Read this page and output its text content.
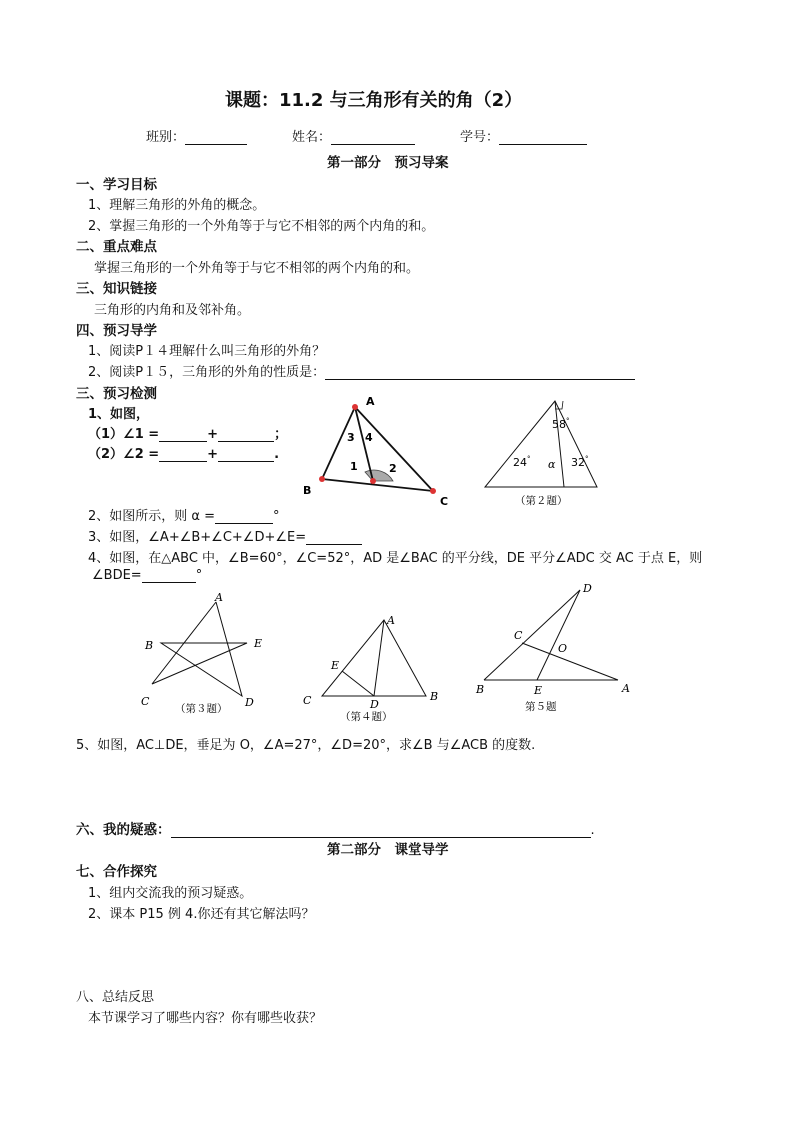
课题：11.2 与三角形有关的角（2）
班别：	姓名：	学号：
第一部分　预习导案
一、学习目标
1、理解三角形的外角的概念。
2、掌握三角形的一个外角等于与它不相邻的两个内角的和。
二、重点难点
掌握三角形的一个外角等于与它不相邻的两个内角的和。
三、知识链接
三角形的内角和及邻补角。
四、预习导学
1、阅读P１４理解什么叫三角形的外角？
2、阅读P１５，三角形的外角的性质是：
三、预习检测
1、如图，
（1）∠1 =	+	；
（2）∠2 =	+	.
A
B
C
3 4
1	2
58°
24°	32°
α
（第２题）
2、如图所示，则 α =	°
3、如图，∠A+∠B+∠C+∠D+∠E=
4、如图，在△ABC 中，∠B=60°，∠C=52°，AD 是∠BAC 的平分线，DE 平分∠ADC 交 AC 于点 E，则
∠BDE=	°
A
B	E
C	D
（第３题）
A
B
C	D
E
（第４题）
D
C
O
B	E	A
第５题
5、如图，AC⊥DE，垂足为 O，∠A=27°，∠D=20°，求∠B 与∠ACB 的度数.
六、我的疑惑：	.
第二部分　课堂导学
七、合作探究
1、组内交流我的预习疑惑。
2、课本 P15 例 4.你还有其它解法吗？
八、总结反思
本节课学习了哪些内容？你有哪些收获？
